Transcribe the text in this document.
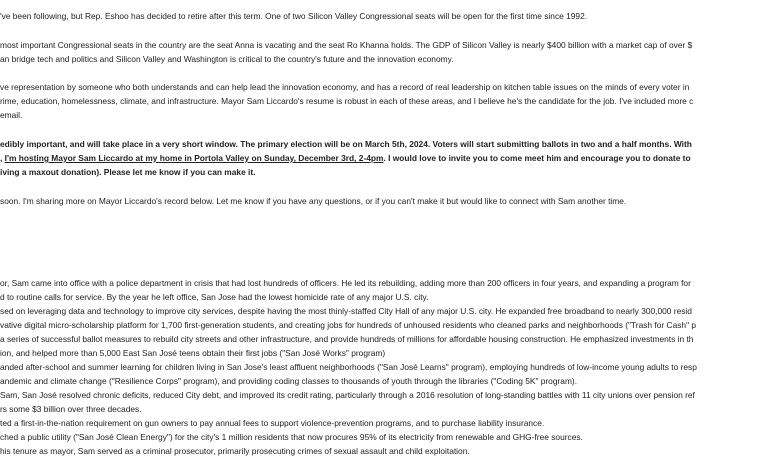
've been following, but Rep. Eshoo has decided to retire after this term. One of two Silicon Valley Congressional seats will be open for the first time since 1992.
most important Congressional seats in the country are the seat Anna is vacating and the seat Ro Khanna holds. The GDP of Silicon Valley is nearly $400 billion with a market cap of over $
an bridge tech and politics and Silicon Valley and Washington is critical to the country's future and the innovation economy.
ve representation by someone who both understands and can help lead the innovation economy, and has a record of real leadership on kitchen table issues on the minds of every voter in
rime, education, homelessness, climate, and infrastructure. Mayor Sam Liccardo's resume is robust in each of these areas, and I believe he's the candidate for the job. I've included more c
email.
edibly important, and will take place in a very short window. The primary election will be on March 5th, 2024. Voters will start submitting ballots in two and a half months. With
, I'm hosting Mayor Sam Liccardo at my home in Portola Valley on Sunday, December 3rd, 2-4pm. I would love to invite you to come meet him and encourage you to donate to
iving a maxout donation). Please let me know if you can make it.
soon. I'm sharing more on Mayor Liccardo's record below. Let me know if you have any questions, or if you can't make it but would like to connect with Sam another time.
or, Sam came into office with a police department in crisis that had lost hundreds of officers. He led its rebuilding, adding more than 200 officers in four years, and expanding a program for
d to routine calls for service. By the year he left office, San Jose had the lowest homicide rate of any major U.S. city.
sed on leveraging data and technology to improve city services, despite having the most thinly-staffed City Hall of any major U.S. city. He expanded free broadband to nearly 300,000 resid
vative digital micro-scholarship platform for 1,700 first-generation students, and creating jobs for hundreds of unhoused residents who cleaned parks and neighborhoods ("Trash for Cash" p
a series of successful ballot measures to rebuild city streets and other infrastructure, and provide hundreds of millions for affordable housing construction. He emphasized investments in th
ion, and helped more than 5,000 East San José teens obtain their first jobs ("San José Works" program)
anded after-school and summer learning for children living in San Jose's least affluent neighborhoods ("San José Learns" program), employing hundreds of low-income young adults to resp
andemic and climate change ("Resilience Corps" program), and providing coding classes to thousands of youth through the libraries ("Coding 5K" program).
Sam, San José resolved chronic deficits, reduced City debt, and improved its credit rating, particularly through a 2016 resolution of long-standing battles with 11 city unions over pension ref
rs some $3 billion over three decades.
ted a first-in-the-nation requirement on gun owners to pay annual fees to support violence-prevention programs, and to purchase liability insurance.
ched a public utility ("San José Clean Energy") for the city's 1 million residents that now procures 95% of its electricity from renewable and GHG-free sources.
his tenure as mayor, Sam served as a criminal prosecutor, primarily prosecuting crimes of sexual assault and child exploitation.
